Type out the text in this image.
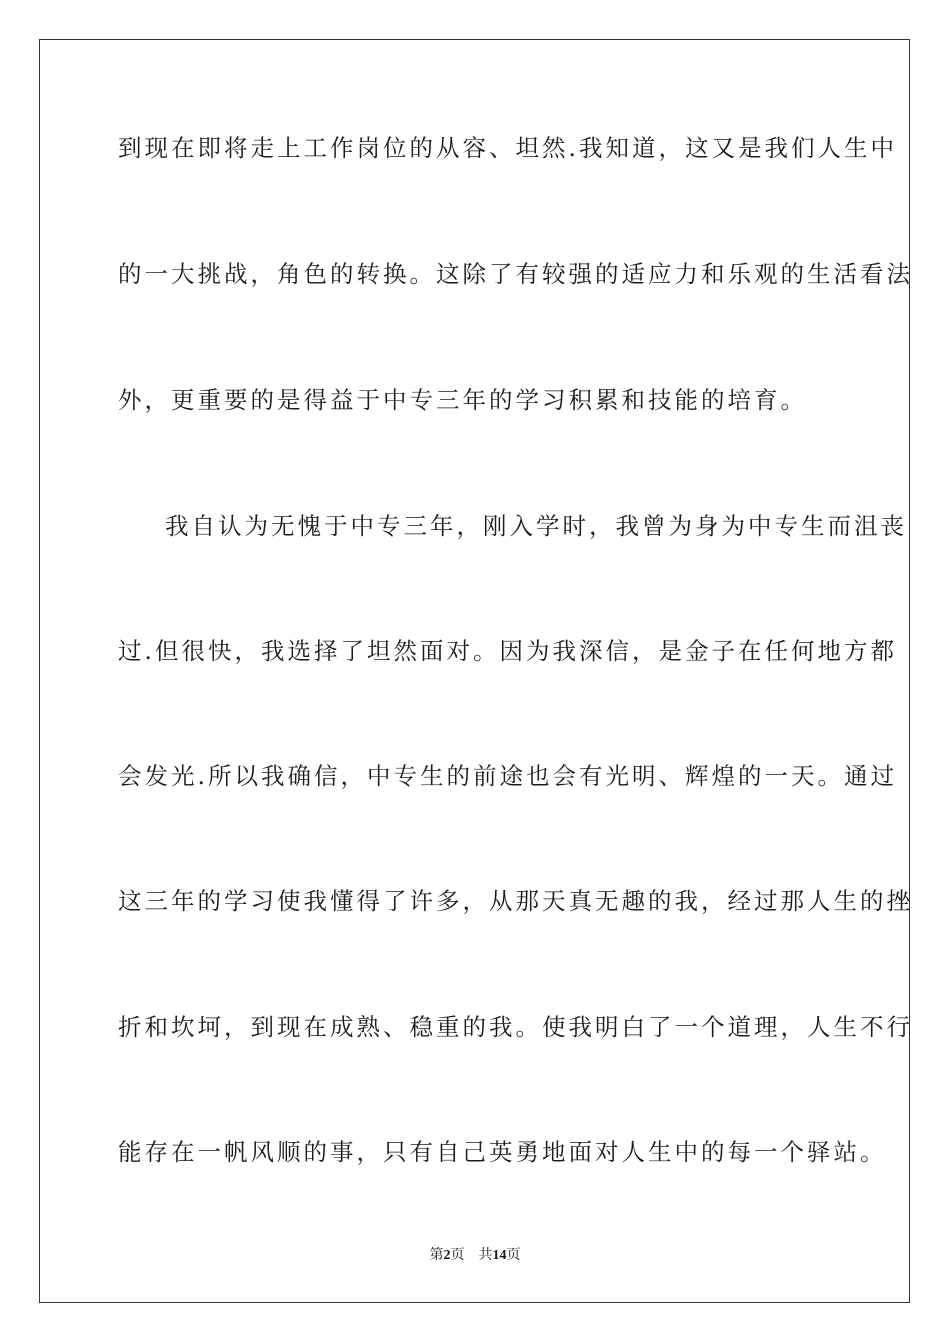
到现在即将走上工作岗位的从容、坦然.我知道，这又是我们人生中
的一大挑战，角色的转换。这除了有较强的适应力和乐观的生活看法
外，更重要的是得益于中专三年的学习积累和技能的培育。
我自认为无愧于中专三年，刚入学时，我曾为身为中专生而沮丧
过.但很快，我选择了坦然面对。因为我深信，是金子在任何地方都
会发光.所以我确信，中专生的前途也会有光明、辉煌的一天。通过
这三年的学习使我懂得了许多，从那天真无趣的我，经过那人生的挫
折和坎坷，到现在成熟、稳重的我。使我明白了一个道理，人生不行
能存在一帆风顺的事，只有自己英勇地面对人生中的每一个驿站。
第2页 共14页
